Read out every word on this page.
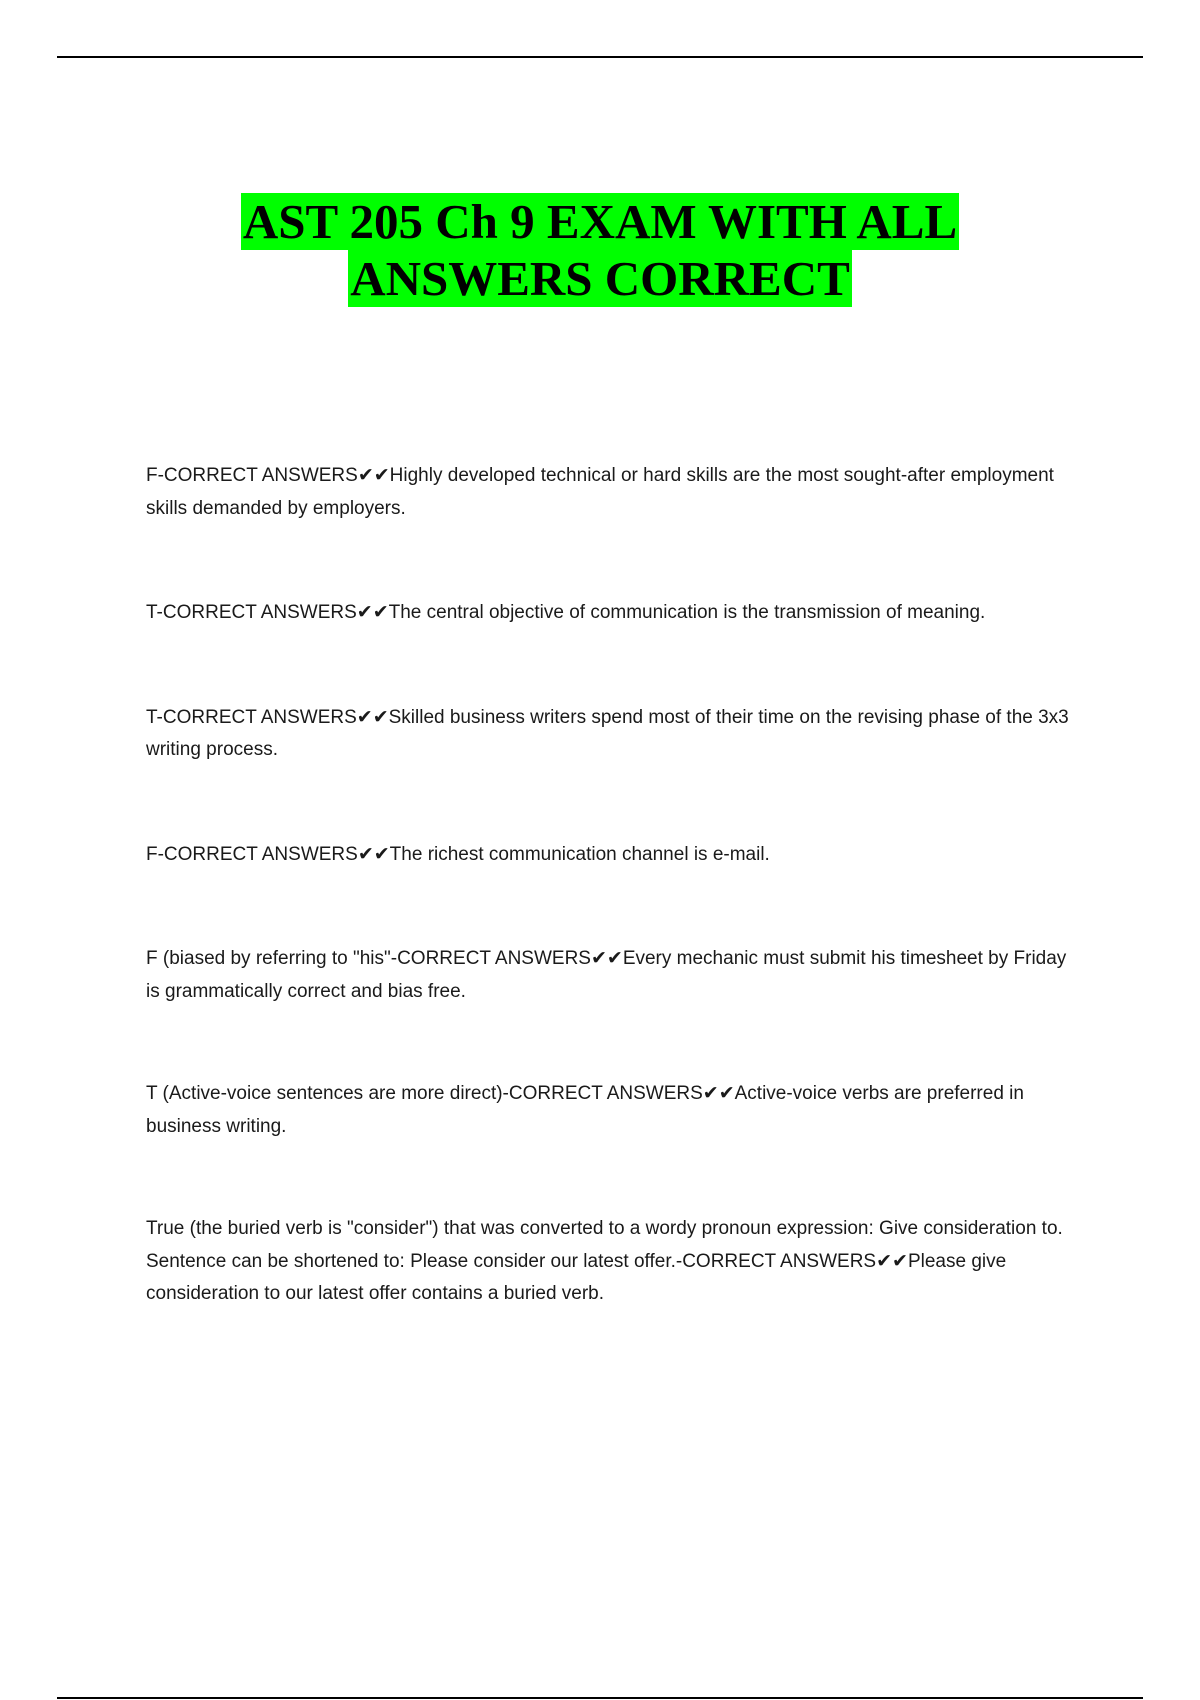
AST 205 Ch 9 EXAM WITH ALL
ANSWERS CORRECT
F-CORRECT ANSWERS✔✔Highly developed technical or hard skills are the most sought-after employment skills demanded by employers.
T-CORRECT ANSWERS✔✔The central objective of communication is the transmission of meaning.
T-CORRECT ANSWERS✔✔Skilled business writers spend most of their time on the revising phase of the 3x3 writing process.
F-CORRECT ANSWERS✔✔The richest communication channel is e-mail.
F (biased by referring to "his"-CORRECT ANSWERS✔✔Every mechanic must submit his timesheet by Friday is grammatically correct and bias free.
T (Active-voice sentences are more direct)-CORRECT ANSWERS✔✔Active-voice verbs are preferred in business writing.
True (the buried verb is "consider") that was converted to a wordy pronoun expression: Give consideration to. Sentence can be shortened to: Please consider our latest offer.-CORRECT ANSWERS✔✔Please give consideration to our latest offer contains a buried verb.
